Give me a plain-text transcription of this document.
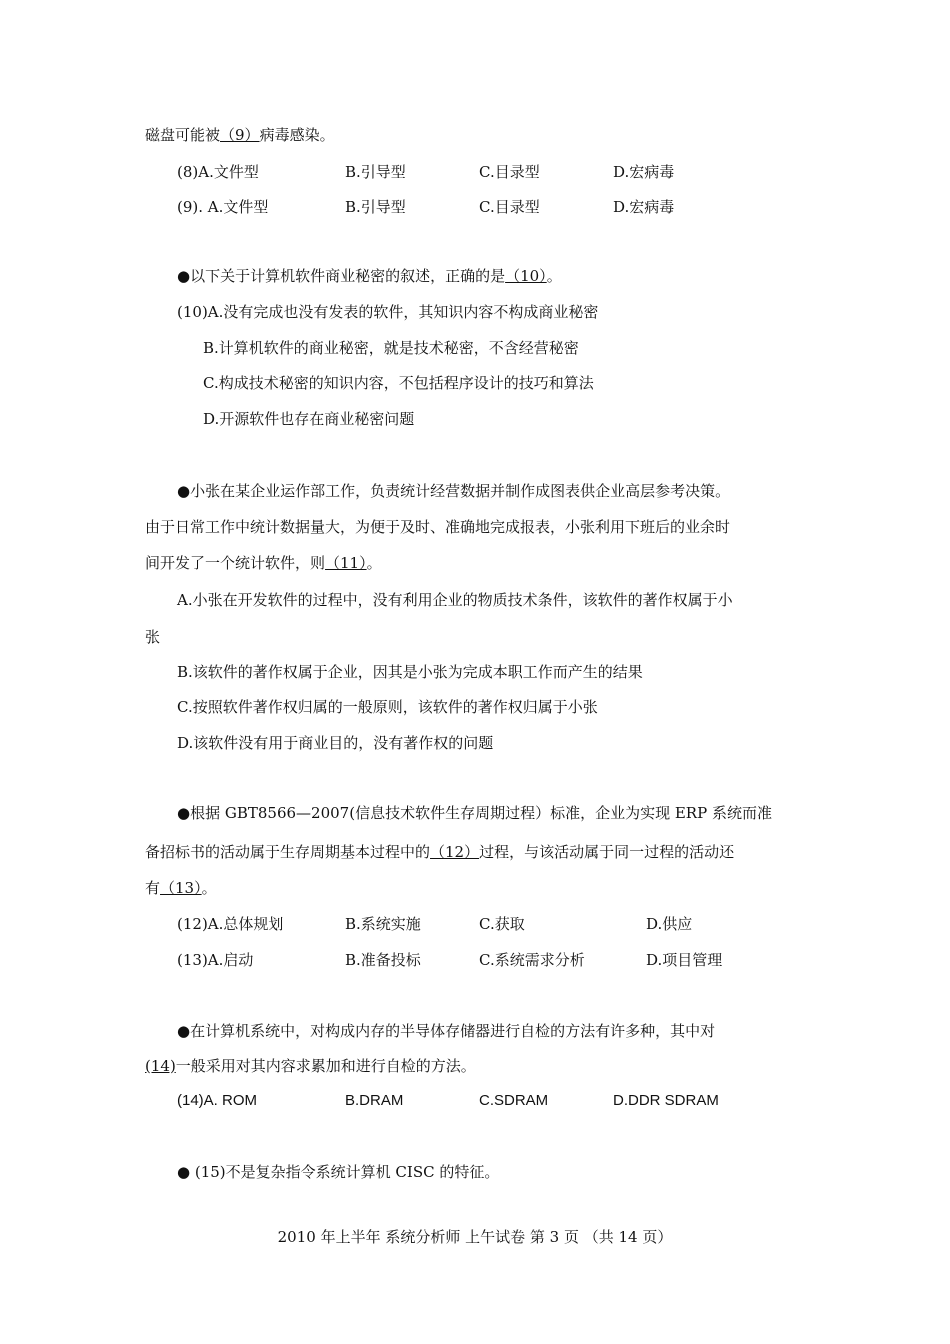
磁盘可能被（9）病毒感染。
(8)A.文件型	B.引导型	C.目录型	D.宏病毒
(9). A.文件型	B.引导型	C.目录型	D.宏病毒
●以下关于计算机软件商业秘密的叙述，正确的是（10）。
(10)A.没有完成也没有发表的软件，其知识内容不构成商业秘密
B.计算机软件的商业秘密，就是技术秘密，不含经营秘密
C.构成技术秘密的知识内容，不包括程序设计的技巧和算法
D.开源软件也存在商业秘密问题
●小张在某企业运作部工作，负责统计经营数据并制作成图表供企业高层参考决策。
由于日常工作中统计数据量大，为便于及时、准确地完成报表，小张利用下班后的业余时
间开发了一个统计软件，则（11）。
A.小张在开发软件的过程中，没有利用企业的物质技术条件，该软件的著作权属于小
张
B.该软件的著作权属于企业，因其是小张为完成本职工作而产生的结果
C.按照软件著作权归属的一般原则，该软件的著作权归属于小张
D.该软件没有用于商业目的，没有著作权的问题
●根据 GBT8566—2007(信息技术软件生存周期过程）标准，企业为实现 ERP 系统而准
备招标书的活动属于生存周期基本过程中的（12）过程，与该活动属于同一过程的活动还
有（13）。
(12)A.总体规划	B.系统实施	C.获取	D.供应
(13)A.启动	B.准备投标	C.系统需求分析	D.项目管理
●在计算机系统中，对构成内存的半导体存储器进行自检的方法有许多种，其中对
(14)一般采用对其内容求累加和进行自检的方法。
(14)A. ROM	B.DRAM	C.SDRAM	D.DDR SDRAM
● (15)不是复杂指令系统计算机 CISC 的特征。
2010 年上半年 系统分析师 上午试卷 第 3 页 （共 14 页）
